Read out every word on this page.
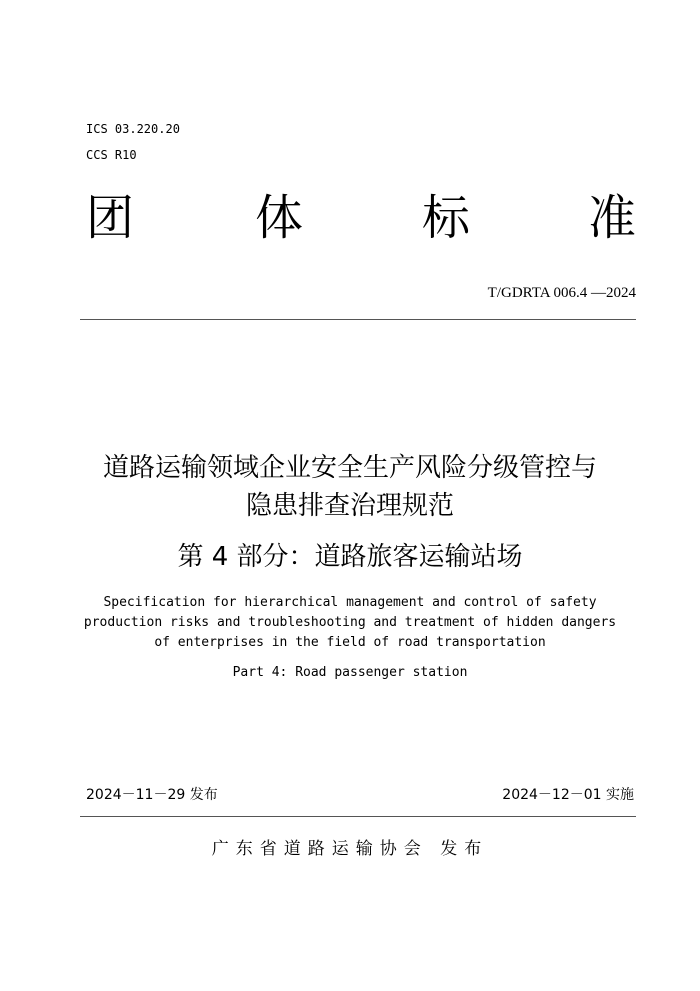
ICS 03.220.20
CCS R10
团	体 标 准
T/GDRTA 006.4 —2024
道路运输领域企业安全生产风险分级管控与
隐患排查治理规范
第 4 部分：道路旅客运输站场
Specification for hierarchical management and control of safety
production risks and troubleshooting and treatment of hidden dangers
of enterprises in the field of road transportation
Part 4: Road passenger station
2024－11－29 发布	2024－12－01 实施
广东省道路运输协会 发布
